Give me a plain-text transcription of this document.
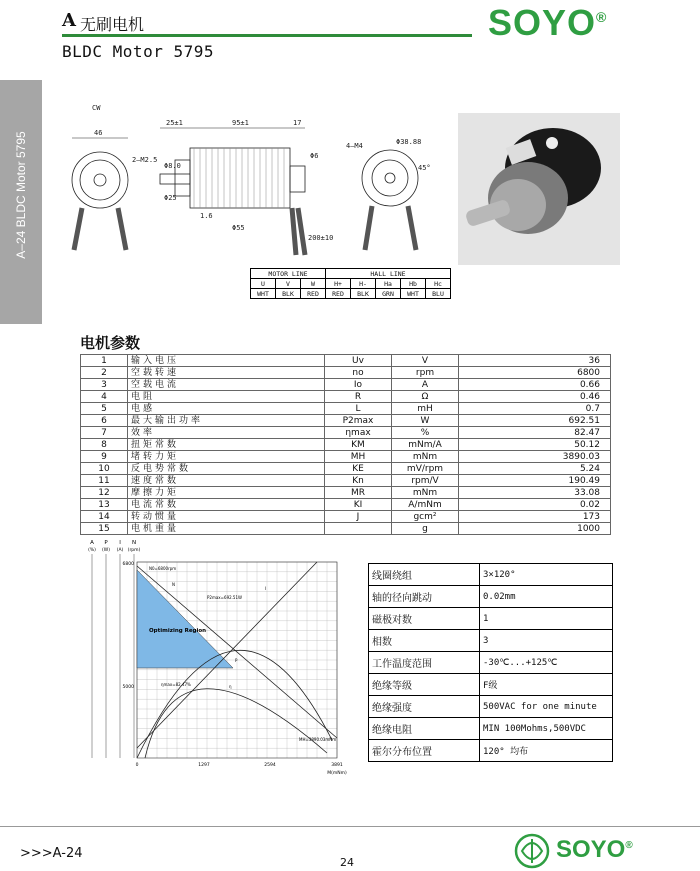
A 无刷电机
BLDC Motor 5795
SOYO®
A–24 BLDC Motor 5795
CW
46
25±1	95±1	17
2–M2.5
Φ8.0
Φ25
Φ55
1.6
200±10
4–M4	Φ38.88
45°
Φ6
MOTOR LINE			HALL LINE				
U	V	W	H+	H-	Ha	Hb	Hc
WHT	BLK	RED	RED	BLK	GRN	WHT	BLU
电机参数
1	输入电压	Uv	V	36
2	空载转速	no	rpm	6800
3	空载电流	Io	A	0.66
4	电阻	R	Ω	0.46
5	电感	L	mH	0.7
6	最大输出功率	P2max	W	692.51
7	效率	ηmax	%	82.47
8	扭矩常数	KM	mNm/A	50.12
9	堵转力矩	MH	mNm	3890.03
10	反电势常数	KE	mV/rpm	5.24
11	速度常数	Kn	rpm/V	190.49
12	摩擦力矩	MR	mNm	33.08
13	电流常数	KI	A/mNm	0.02
14	转动惯量	J	gcm²	173
15	电机重量		g	1000
A
(%)
P
(W)
I
(A)
N
(rpm)
Optimizing Region
N0=6800rpm
P2max=692.51W
ηmax=82.47%
MH=3890.03mNm
N
P
I
η
6800
5000
0	1297	2594	3891
M(mNm)
线圈绕组	3×120°
轴的径向跳动	0.02mm
磁极对数	1
相数	3
工作温度范围	-30℃...+125℃
绝缘等级	F级
绝缘强度	500VAC for one minute
绝缘电阻	MIN 100Mohms,500VDC
霍尔分布位置	120° 均布
>>>A-24
24	SOYO®
